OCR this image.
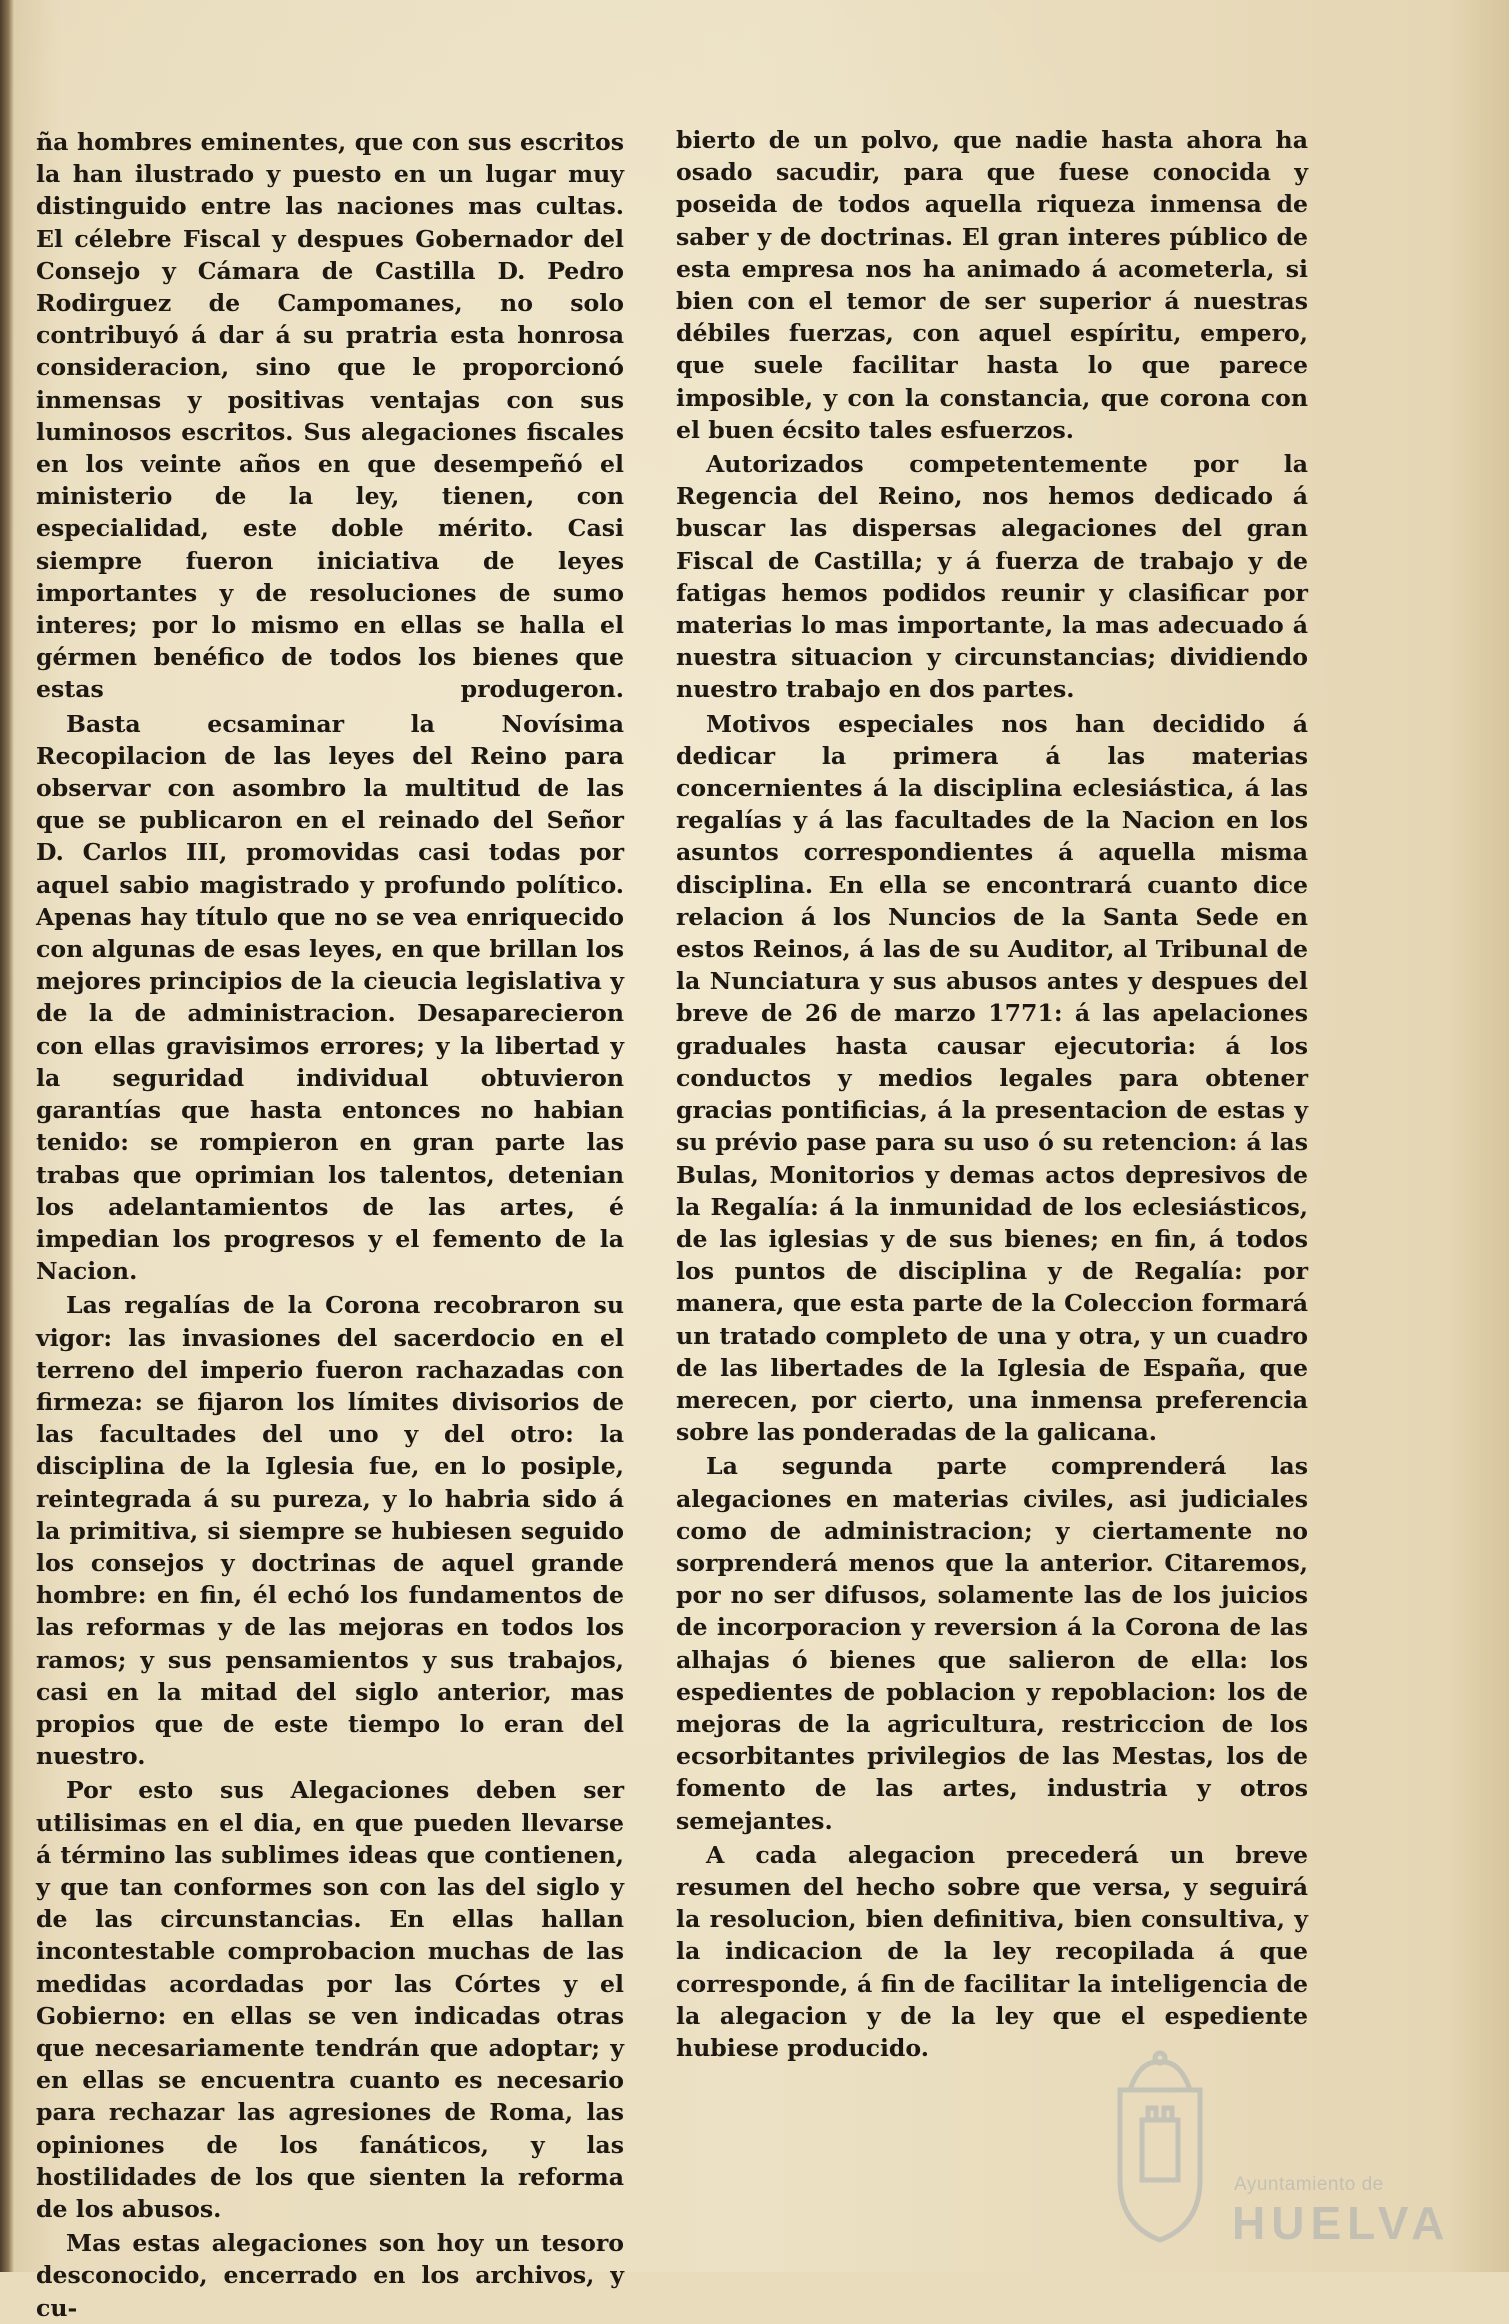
ña hombres eminentes, que con sus escritos la han ilustrado y puesto en un lugar muy distinguido entre las naciones mas cultas. El célebre Fiscal y despues Gobernador del Consejo y Cámara de Castilla D. Pedro Rodirguez de Campomanes, no solo contribuyó á dar á su pratria esta honrosa consideracion, sino que le proporcionó inmensas y positivas ventajas con sus luminosos escritos. Sus alegaciones fiscales en los veinte años en que desempeñó el ministerio de la ley, tienen, con especialidad, este doble mérito. Casi siempre fueron iniciativa de leyes importantes y de resoluciones de sumo interes; por lo mismo en ellas se halla el gérmen benéfico de todos los bienes que estas produgeron.

Basta ecsaminar la Novísima Recopilacion de las leyes del Reino para observar con asombro la multitud de las que se publicaron en el reinado del Señor D. Carlos III, promovidas casi todas por aquel sabio magistrado y profundo político. Apenas hay título que no se vea enriquecido con algunas de esas leyes, en que brillan los mejores principios de la cieucia legislativa y de la de administracion. Desaparecieron con ellas gravisimos errores; y la libertad y la seguridad individual obtuvieron garantías que hasta entonces no habian tenido: se rompieron en gran parte las trabas que oprimian los talentos, detenian los adelantamientos de las artes, é impedian los progresos y el femento de la Nacion.

Las regalías de la Corona recobraron su vigor: las invasiones del sacerdocio en el terreno del imperio fueron rachazadas con firmeza: se fijaron los límites divisorios de las facultades del uno y del otro: la disciplina de la Iglesia fue, en lo posiple, reintegrada á su pureza, y lo habria sido á la primitiva, si siempre se hubiesen seguido los consejos y doctrinas de aquel grande hombre: en fin, él echó los fundamentos de las reformas y de las mejoras en todos los ramos; y sus pensamientos y sus trabajos, casi en la mitad del siglo anterior, mas propios que de este tiempo lo eran del nuestro.

Por esto sus Alegaciones deben ser utilisimas en el dia, en que pueden llevarse á término las sublimes ideas que contienen, y que tan conformes son con las del siglo y de las circunstancias. En ellas hallan incontestable comprobacion muchas de las medidas acordadas por las Córtes y el Gobierno: en ellas se ven indicadas otras que necesariamente tendrán que adoptar; y en ellas se encuentra cuanto es necesario para rechazar las agresiones de Roma, las opiniones de los fanáticos, y las hostilidades de los que sienten la reforma de los abusos.

Mas estas alegaciones son hoy un tesoro desconocido, encerrado en los archivos, y cu-

bierto de un polvo, que nadie hasta ahora ha osado sacudir, para que fuese conocida y poseida de todos aquella riqueza inmensa de saber y de doctrinas. El gran interes público de esta empresa nos ha animado á acometerla, si bien con el temor de ser superior á nuestras débiles fuerzas, con aquel espíritu, empero, que suele facilitar hasta lo que parece imposible, y con la constancia, que corona con el buen écsito tales esfuerzos.

Autorizados competentemente por la Regencia del Reino, nos hemos dedicado á buscar las dispersas alegaciones del gran Fiscal de Castilla; y á fuerza de trabajo y de fatigas hemos podidos reunir y clasificar por materias lo mas importante, la mas adecuado á nuestra situacion y circunstancias; dividiendo nuestro trabajo en dos partes.

Motivos especiales nos han decidido á dedicar la primera á las materias concernientes á la disciplina eclesiástica, á las regalías y á las facultades de la Nacion en los asuntos correspondientes á aquella misma disciplina. En ella se encontrará cuanto dice relacion á los Nuncios de la Santa Sede en estos Reinos, á las de su Auditor, al Tribunal de la Nunciatura y sus abusos antes y despues del breve de 26 de marzo 1771: á las apelaciones graduales hasta causar ejecutoria: á los conductos y medios legales para obtener gracias pontificias, á la presentacion de estas y su prévio pase para su uso ó su retencion: á las Bulas, Monitorios y demas actos depresivos de la Regalía: á la inmunidad de los eclesiásticos, de las iglesias y de sus bienes; en fin, á todos los puntos de disciplina y de Regalía: por manera, que esta parte de la Coleccion formará un tratado completo de una y otra, y un cuadro de las libertades de la Iglesia de España, que merecen, por cierto, una inmensa preferencia sobre las ponderadas de la galicana.

La segunda parte comprenderá las alegaciones en materias civiles, asi judiciales como de administracion; y ciertamente no sorprenderá menos que la anterior. Citaremos, por no ser difusos, solamente las de los juicios de incorporacion y reversion á la Corona de las alhajas ó bienes que salieron de ella: los espedientes de poblacion y repoblacion: los de mejoras de la agricultura, restriccion de los ecsorbitantes privilegios de las Mestas, los de fomento de las artes, industria y otros semejantes.

A cada alegacion precederá un breve resumen del hecho sobre que versa, y seguirá la resolucion, bien definitiva, bien consultiva, y la indicacion de la ley recopilada á que corresponde, á fin de facilitar la inteligencia de la alegacion y de la ley que el espediente hubiese producido.

Ayuntamiento de
HUELVA
